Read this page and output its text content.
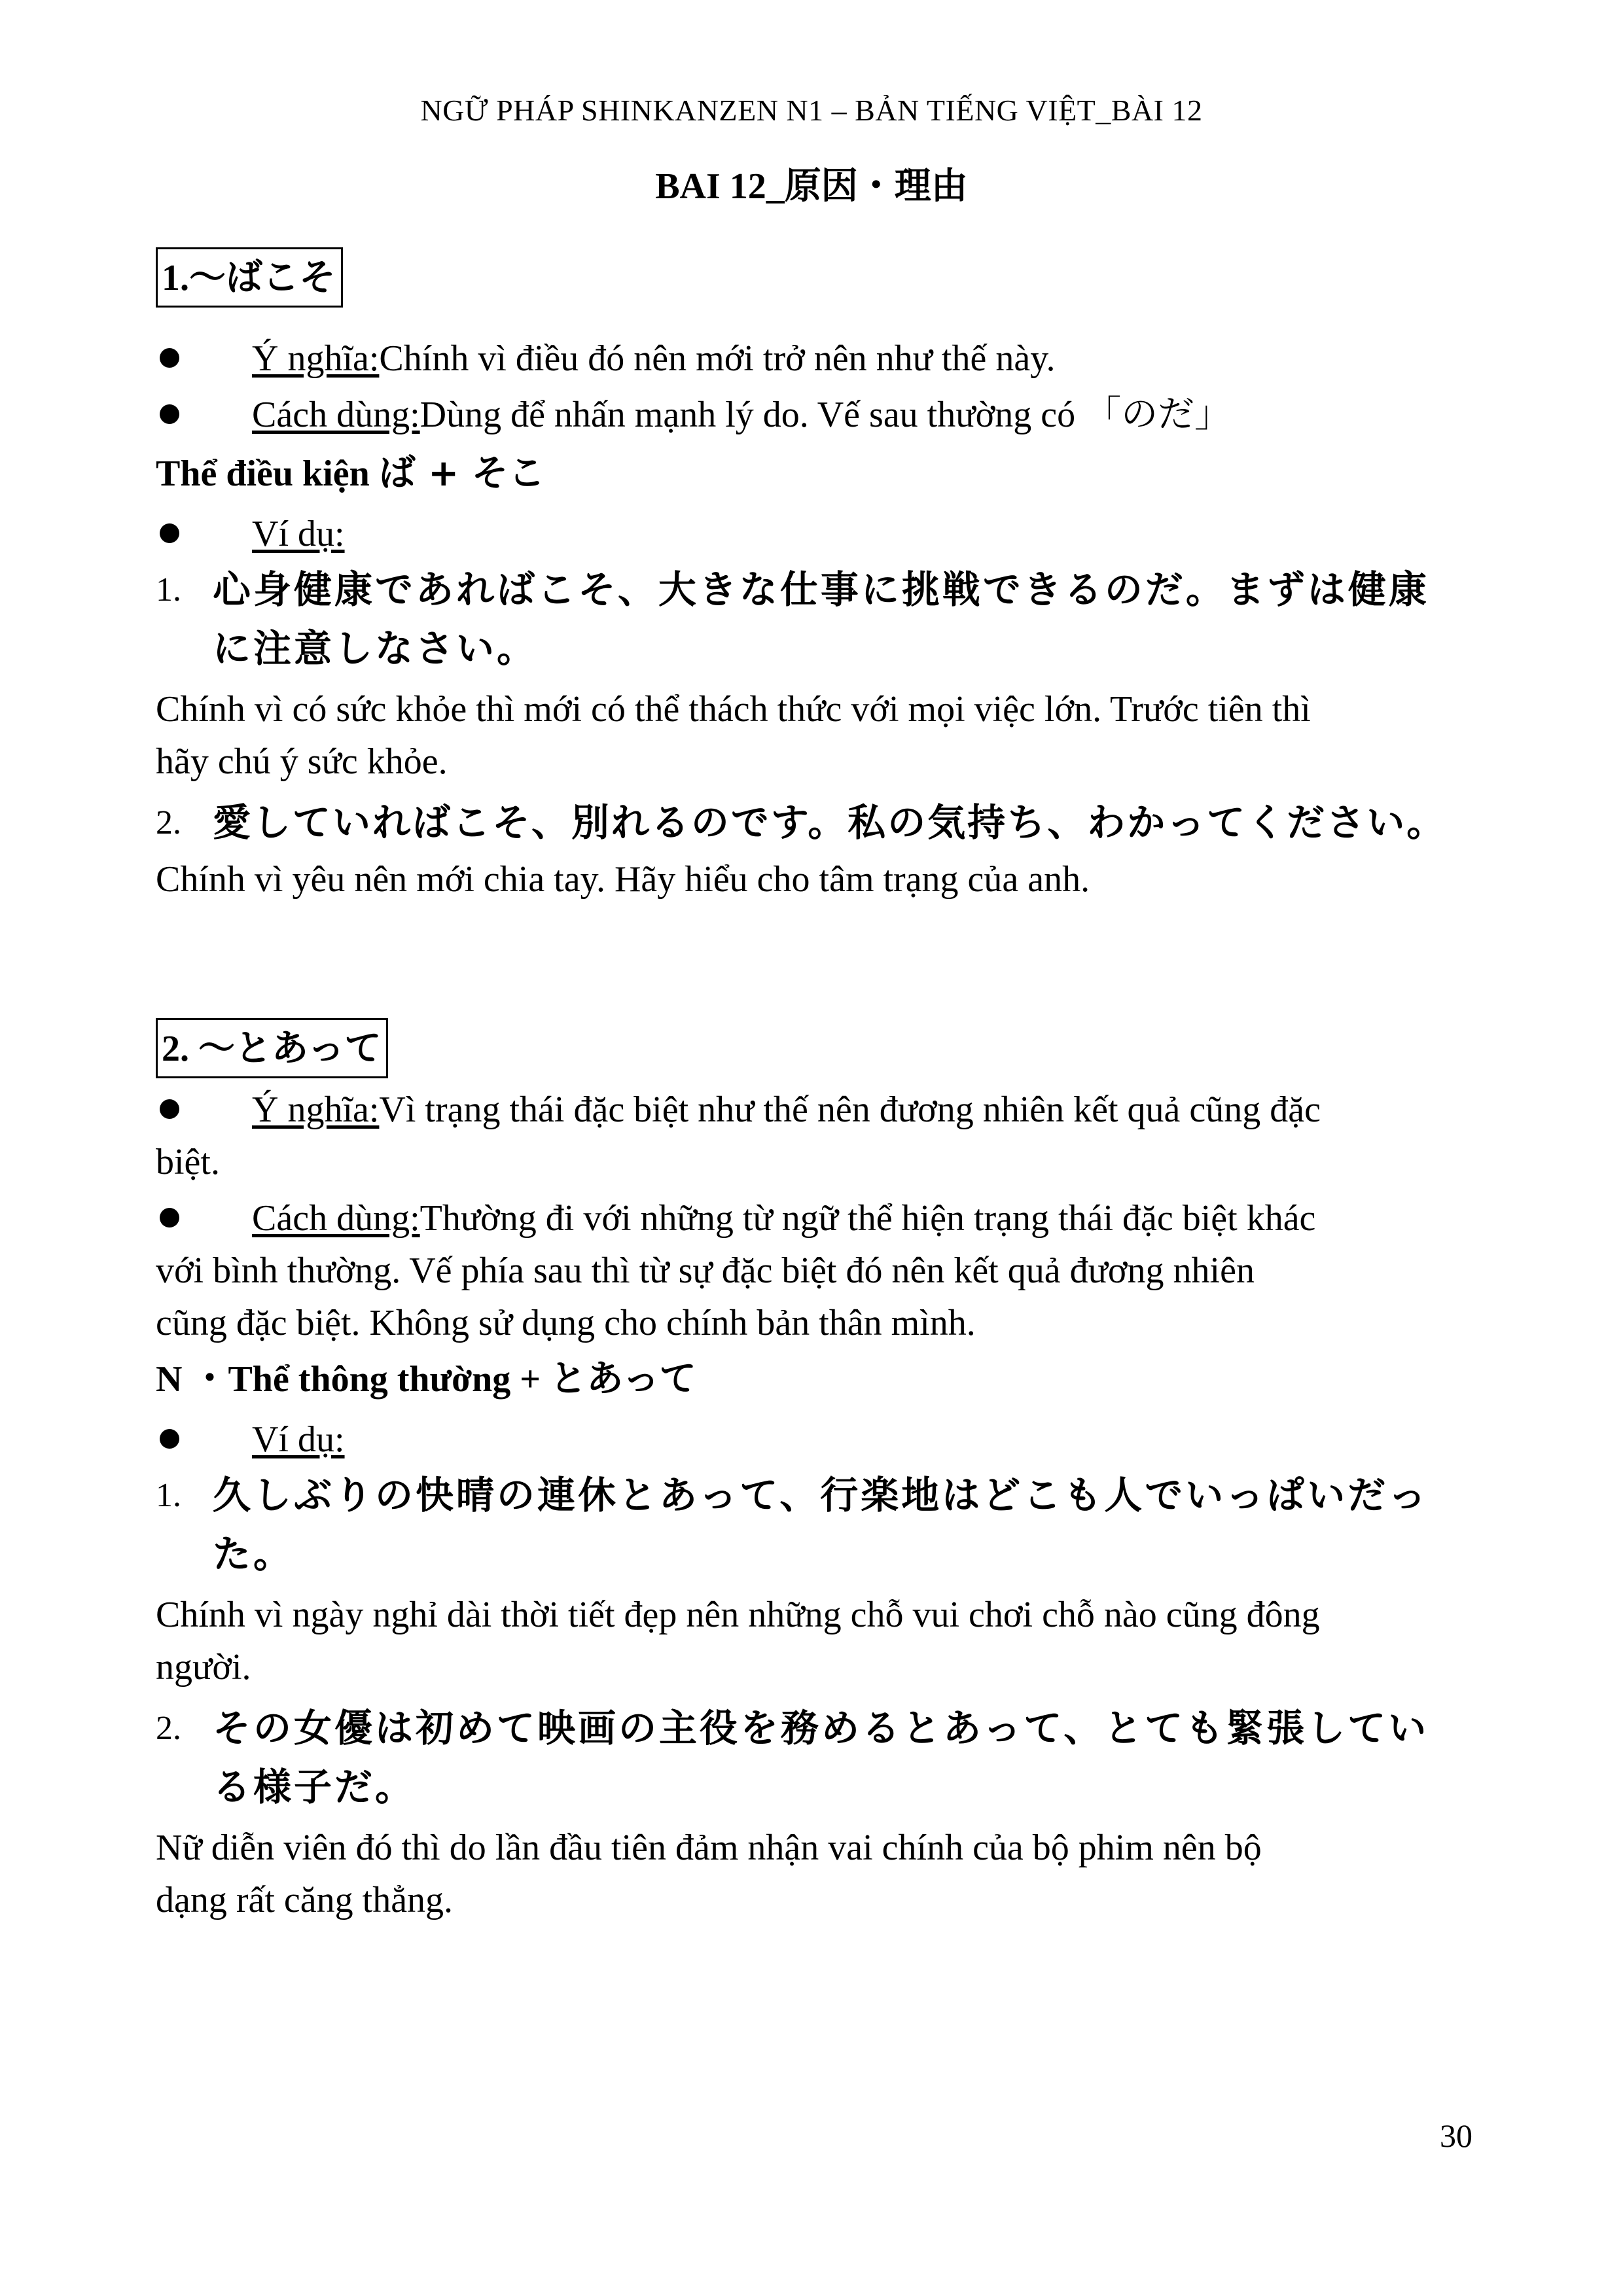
NGỮ PHÁP SHINKANZEN N1 – BẢN TIẾNG VIỆT_BÀI 12
BAI 12_原因・理由
1.～ばこそ
Ý nghĩa:Chính vì điều đó nên mới trở nên như thế này.
Cách dùng:Dùng để nhấn mạnh lý do. Vế sau thường có 「のだ」
Thể điều kiện ば + そこ
Ví dụ:
1. 心身健康であればこそ、大きな仕事に挑戦できるのだ。まずは健康
に注意しなさい。
Chính vì có sức khỏe thì mới có thể thách thức với mọi việc lớn. Trước tiên thì
hãy chú ý sức khỏe.
2. 愛していればこそ、別れるのです。私の気持ち、わかってください。
Chính vì yêu nên mới chia tay. Hãy hiểu cho tâm trạng của anh.
2. ～とあって
Ý nghĩa:Vì trạng thái đặc biệt như thế nên đương nhiên kết quả cũng đặc
biệt.
Cách dùng:Thường đi với những từ ngữ thể hiện trạng thái đặc biệt khác
với bình thường. Vế phía sau thì từ sự đặc biệt đó nên kết quả đương nhiên
cũng đặc biệt. Không sử dụng cho chính bản thân mình.
N ・Thể thông thường + とあって
Ví dụ:
1. 久しぶりの快晴の連休とあって、行楽地はどこも人でいっぱいだっ
た。
Chính vì ngày nghỉ dài thời tiết đẹp nên những chỗ vui chơi chỗ nào cũng đông
người.
2. その女優は初めて映画の主役を務めるとあって、とても緊張してい
る様子だ。
Nữ diễn viên đó thì do lần đầu tiên đảm nhận vai chính của bộ phim nên bộ
dạng rất căng thẳng.
30
